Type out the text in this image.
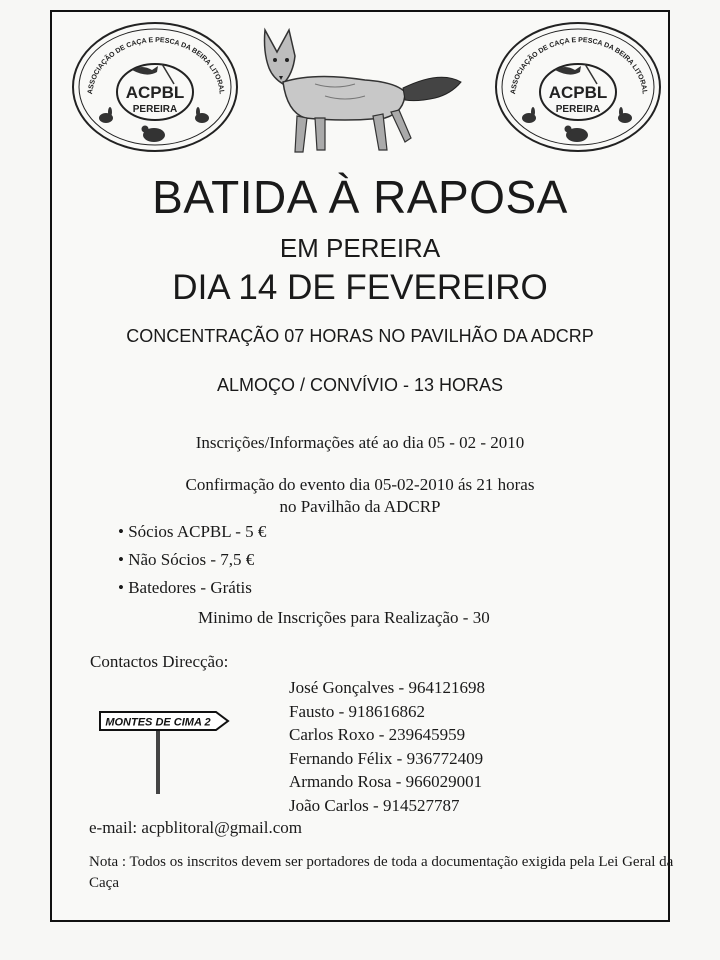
ASSOCIAÇÃO DE CAÇA E PESCA DA BEIRA LITORAL
ACPBL
PEREIRA
ASSOCIAÇÃO DE CAÇA E PESCA DA BEIRA LITORAL
ACPBL
PEREIRA
BATIDA À RAPOSA
EM PEREIRA
DIA 14 DE FEVEREIRO
CONCENTRAÇÃO 07 HORAS NO PAVILHÃO DA ADCRP
ALMOÇO / CONVÍVIO - 13 HORAS
Inscrições/Informações até ao dia 05 - 02 - 2010
Confirmação do evento dia 05-02-2010 ás 21 horas
no Pavilhão da ADCRP
• Sócios ACPBL - 5 €
• Não Sócios - 7,5 €
• Batedores - Grátis
Minimo de Inscrições para Realização - 30
Contactos Direcção:
José Gonçalves - 964121698
Fausto - 918616862
Carlos Roxo - 239645959
Fernando Félix - 936772409
Armando Rosa - 966029001
João Carlos - 914527787
MONTES DE CIMA 2
e-mail: acpblitoral@gmail.com
Nota : Todos os inscritos devem ser portadores de toda a documentação exigida pela Lei Geral da Caça
